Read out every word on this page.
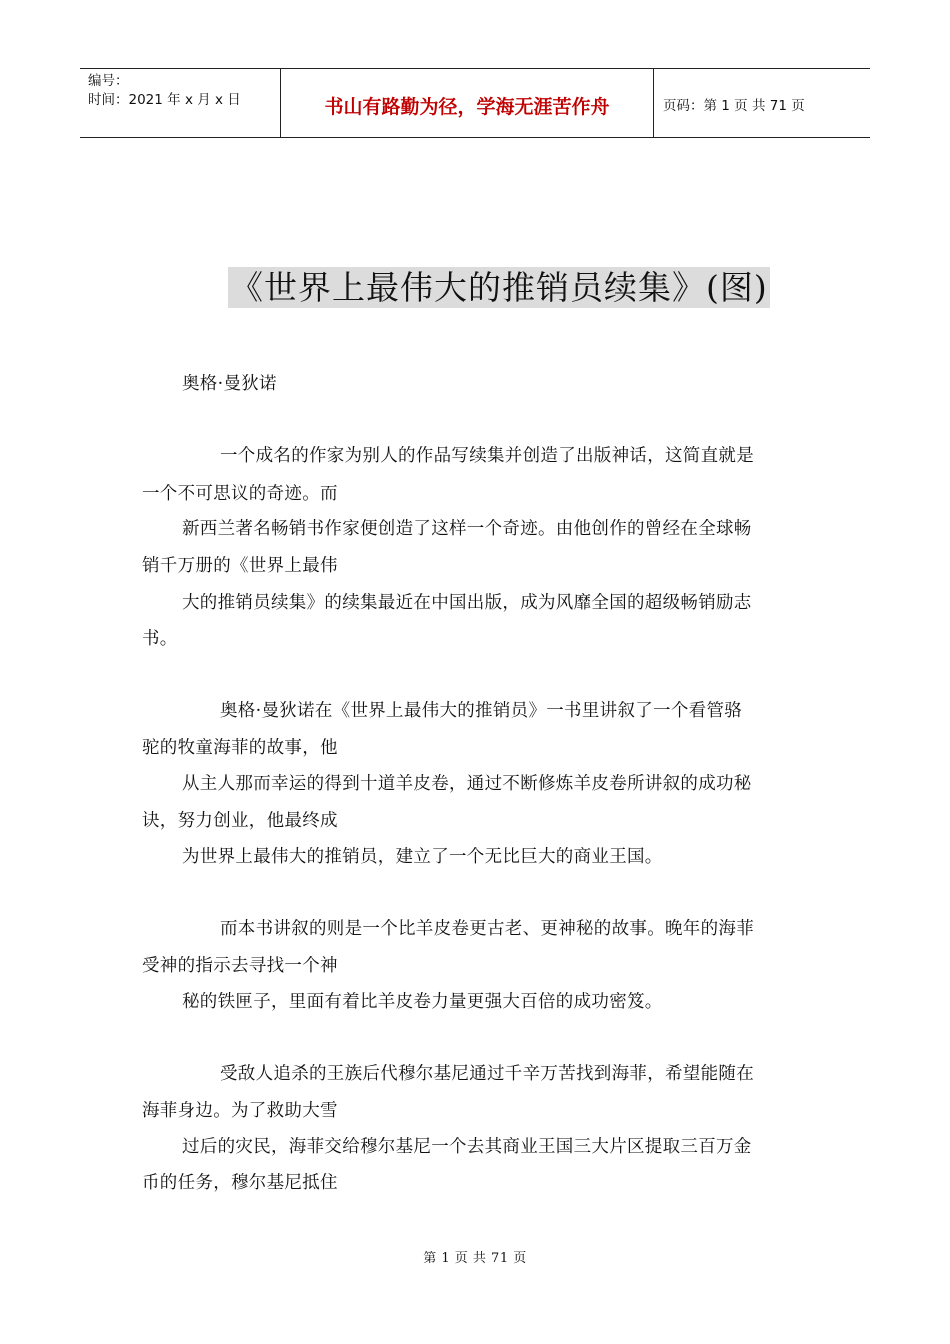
编号：
时间：2021 年 x 月 x 日	书山有路勤为径，学海无涯苦作舟	页码：第 1 页 共 71 页
《世界上最伟大的推销员续集》(图)
奥格·曼狄诺
一个成名的作家为别人的作品写续集并创造了出版神话，这简直就是
一个不可思议的奇迹。而
新西兰著名畅销书作家便创造了这样一个奇迹。由他创作的曾经在全球畅
销千万册的《世界上最伟
大的推销员续集》的续集最近在中国出版，成为风靡全国的超级畅销励志
书。
奥格·曼狄诺在《世界上最伟大的推销员》一书里讲叙了一个看管骆
驼的牧童海菲的故事，他
从主人那而幸运的得到十道羊皮卷，通过不断修炼羊皮卷所讲叙的成功秘
诀，努力创业，他最终成
为世界上最伟大的推销员，建立了一个无比巨大的商业王国。
而本书讲叙的则是一个比羊皮卷更古老、更神秘的故事。晚年的海菲
受神的指示去寻找一个神
秘的铁匣子，里面有着比羊皮卷力量更强大百倍的成功密笈。
受敌人追杀的王族后代穆尔基尼通过千辛万苦找到海菲，希望能随在
海菲身边。为了救助大雪
过后的灾民，海菲交给穆尔基尼一个去其商业王国三大片区提取三百万金
币的任务，穆尔基尼抵住
第 1 页 共 71 页
